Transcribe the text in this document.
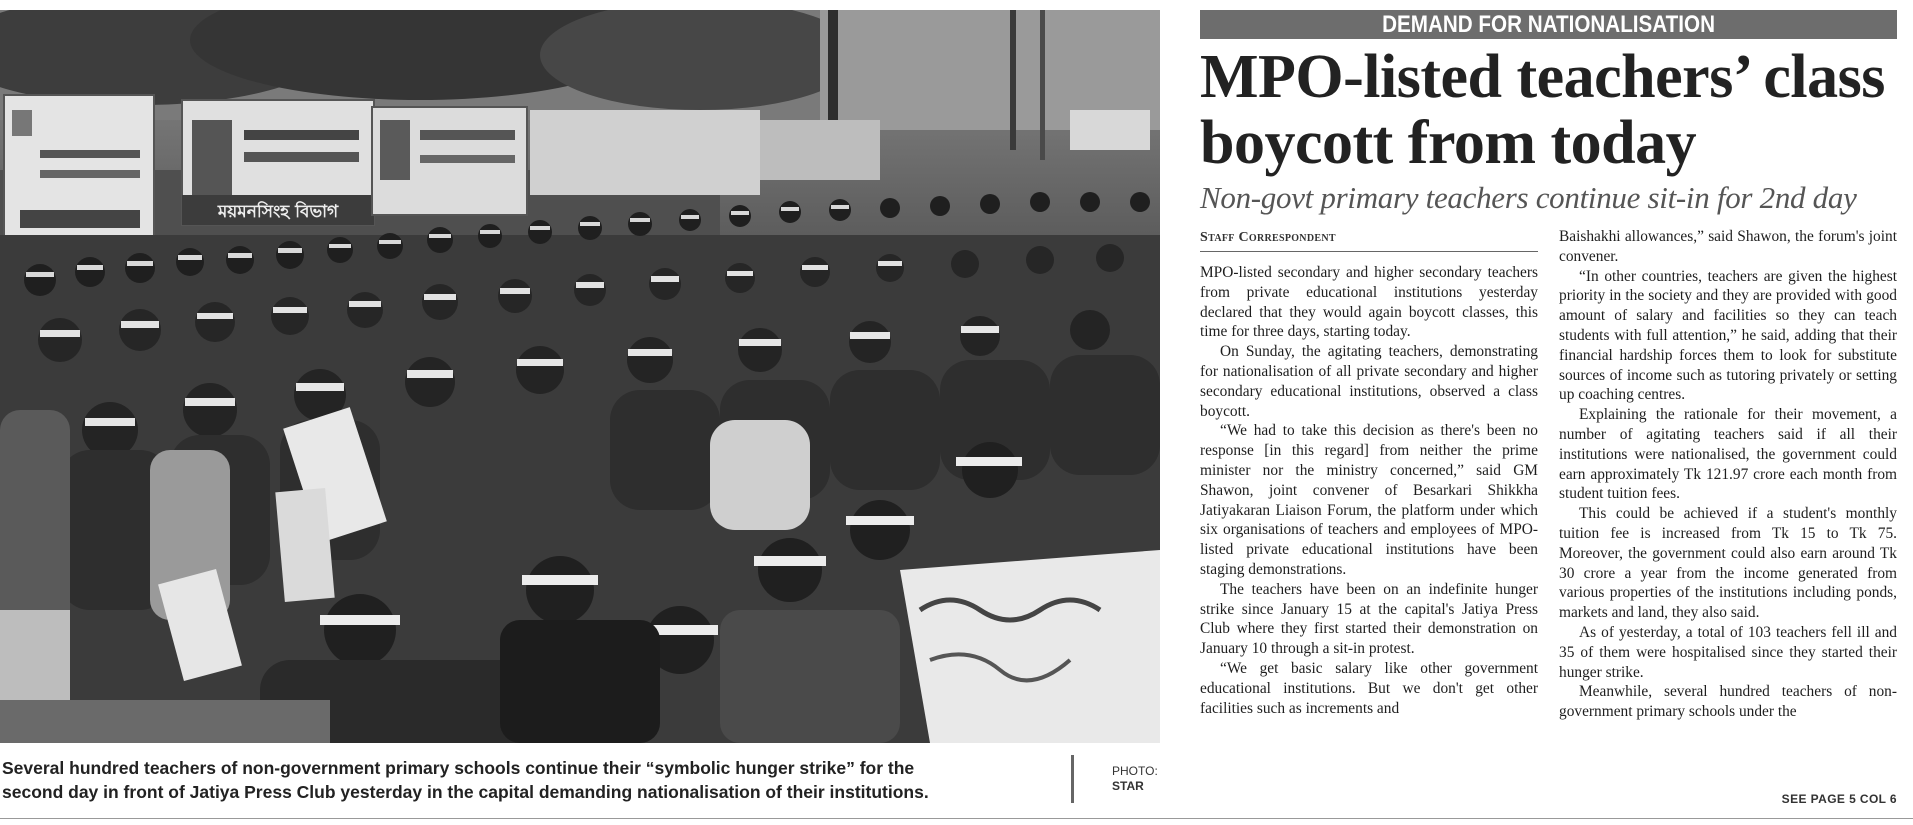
ময়মনসিংহ বিভাগ
Several hundred teachers of non-government primary schools continue their “symbolic hunger strike” for the second day in front of Jatiya Press Club yesterday in the capital demanding nationalisation of their institutions.
PHOTO:
STAR
DEMAND FOR NATIONALISATION
MPO-listed teachers’ class boycott from today
Non-govt primary teachers continue sit-in for 2nd day
Staff Correspondent

MPO-listed secondary and higher secondary teachers from private educational institutions yesterday declared that they would again boycott classes, this time for three days, starting today.

On Sunday, the agitating teachers, demonstrating for nationalisation of all private secondary and higher secondary educational institutions, observed a class boycott.

“We had to take this decision as there's been no response [in this regard] from neither the prime minister nor the ministry concerned,” said GM Shawon, joint convener of Besarkari Shikkha Jatiyakaran Liaison Forum, the platform under which six organisations of teachers and employees of MPO-listed private educational institutions have been staging demonstrations.

The teachers have been on an indefinite hunger strike since January 15 at the capital's Jatiya Press Club where they first started their demonstration on January 10 through a sit-in protest.

“We get basic salary like other government educational institutions. But we don't get other facilities such as increments and

Baishakhi allowances,” said Shawon, the forum's joint convener.

“In other countries, teachers are given the highest priority in the society and they are provided with good amount of salary and facilities so they can teach students with full attention,” he said, adding that their financial hardship forces them to look for substitute sources of income such as tutoring privately or setting up coaching centres.

Explaining the rationale for their movement, a number of agitating teachers said if all their institutions were nationalised, the government could earn approximately Tk 121.97 crore each month from student tuition fees.

This could be achieved if a student's monthly tuition fee is increased from Tk 15 to Tk 75. Moreover, the government could also earn around Tk 30 crore a year from the income generated from various properties of the institutions including ponds, markets and land, they also said.

As of yesterday, a total of 103 teachers fell ill and 35 of them were hospitalised since they started their hunger strike.

Meanwhile, several hundred teachers of non-government primary schools under the

SEE PAGE 5 COL 6
